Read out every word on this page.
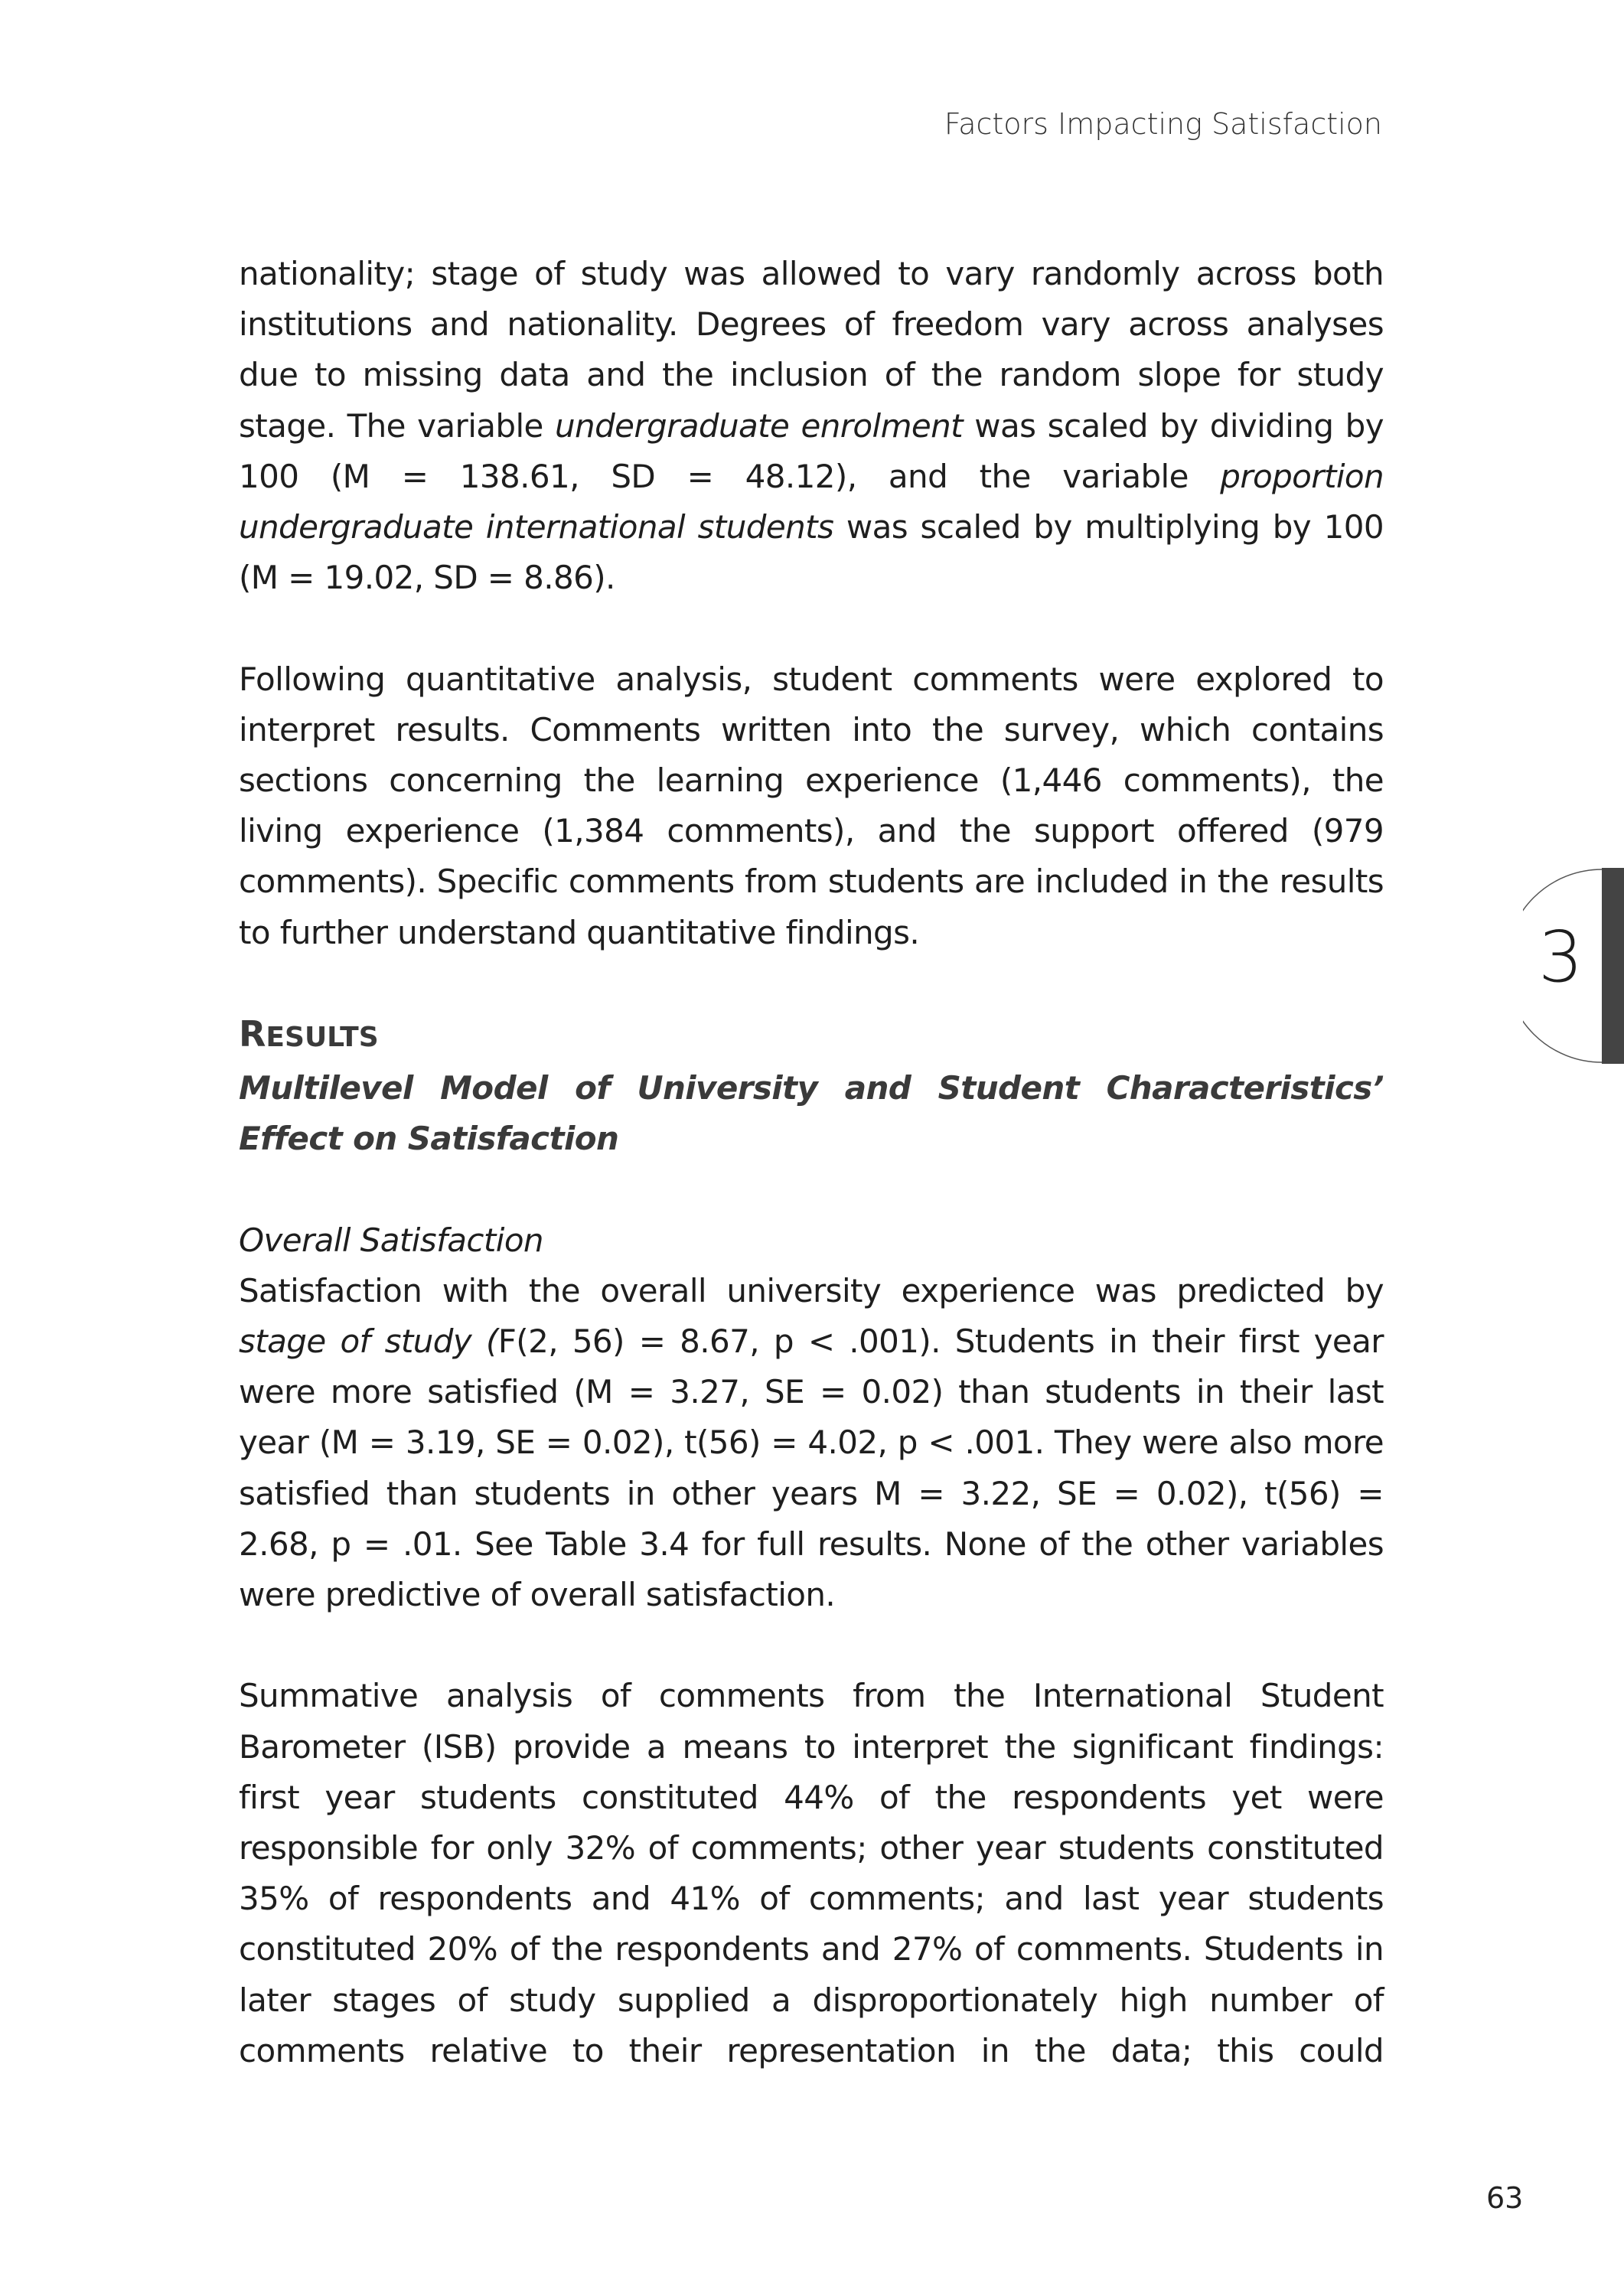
Factors Impacting Satisfaction

nationality; stage of study was allowed to vary randomly across both institutions and nationality. Degrees of freedom vary across analyses due to missing data and the inclusion of the random slope for study stage. The variable undergraduate enrolment was scaled by dividing by 100 (M = 138.61, SD = 48.12), and the variable proportion undergraduate international students was scaled by multiplying by 100 (M = 19.02, SD = 8.86).

Following quantitative analysis, student comments were explored to interpret results. Comments written into the survey, which contains sections concerning the learning experience (1,446 comments), the living experience (1,384 comments), and the support offered (979 comments). Specific comments from students are included in the results to further understand quantitative findings.

RESULTS

Multilevel Model of University and Student Characteristics’ Effect on Satisfaction

Overall Satisfaction

Satisfaction with the overall university experience was predicted by stage of study (F(2, 56) = 8.67, p < .001). Students in their first year were more satisfied (M = 3.27, SE = 0.02) than students in their last year (M = 3.19, SE = 0.02), t(56) = 4.02, p < .001. They were also more satisfied than students in other years M = 3.22, SE = 0.02), t(56) = 2.68, p = .01. See Table 3.4 for full results. None of the other variables were predictive of overall satisfaction.

Summative analysis of comments from the International Student Barometer (ISB) provide a means to interpret the significant findings: first year students constituted 44% of the respondents yet were responsible for only 32% of comments; other year students constituted 35% of respondents and 41% of comments; and last year students constituted 20% of the respondents and 27% of comments. Students in later stages of study supplied a disproportionately high number of comments relative to their representation in the data; this could

3
63
